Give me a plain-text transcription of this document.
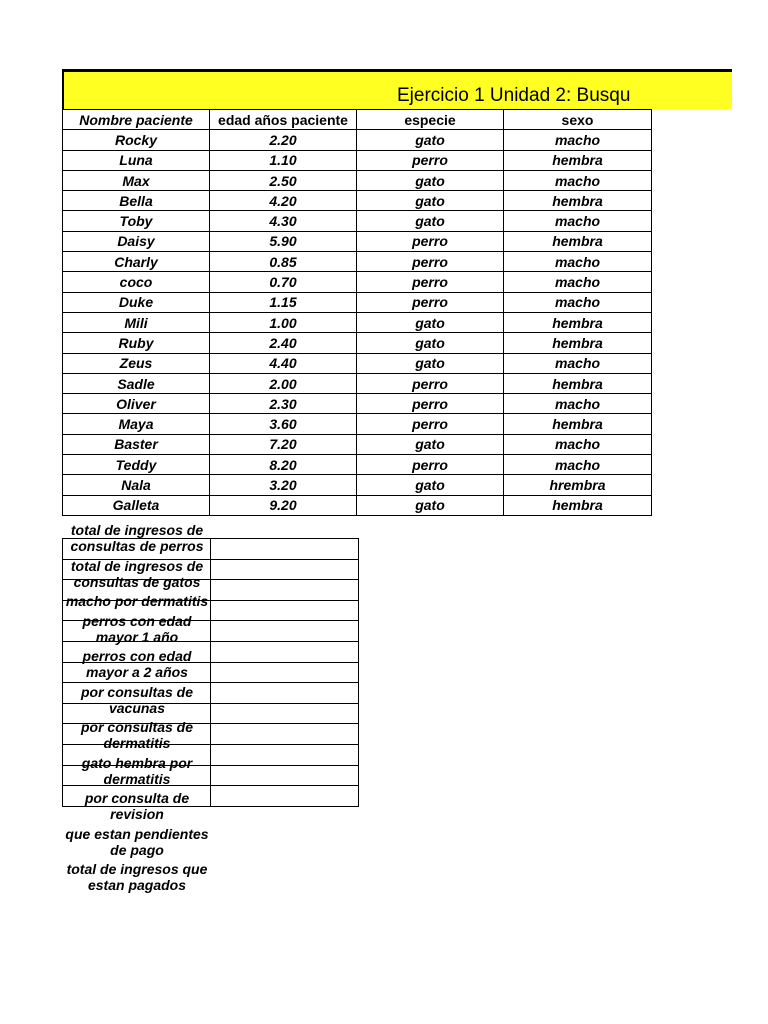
Ejercicio 1 Unidad 2: Busqu
Nombre paciente	edad años paciente	especie	sexo
Rocky	2.20	gato	macho
Luna	1.10	perro	hembra
Max	2.50	gato	macho
Bella	4.20	gato	hembra
Toby	4.30	gato	macho
Daisy	5.90	perro	hembra
Charly	0.85	perro	macho
coco	0.70	perro	macho
Duke	1.15	perro	macho
Mili	1.00	gato	hembra
Ruby	2.40	gato	hembra
Zeus	4.40	gato	macho
Sadle	2.00	perro	hembra
Oliver	2.30	perro	macho
Maya	3.60	perro	hembra
Baster	7.20	gato	macho
Teddy	8.20	perro	macho
Nala	3.20	gato	hrembra
Galleta	9.20	gato	hembra

total de ingresos de consultas de perros
total de ingresos de consultas de gatos
macho por dermatitis
perros con edad mayor 1 año
perros con edad mayor a 2 años
por consultas de vacunas
por consultas de dermatitis
gato hembra por dermatitis
por consulta de revision
que estan pendientes de pago
total de ingresos que estan pagados
